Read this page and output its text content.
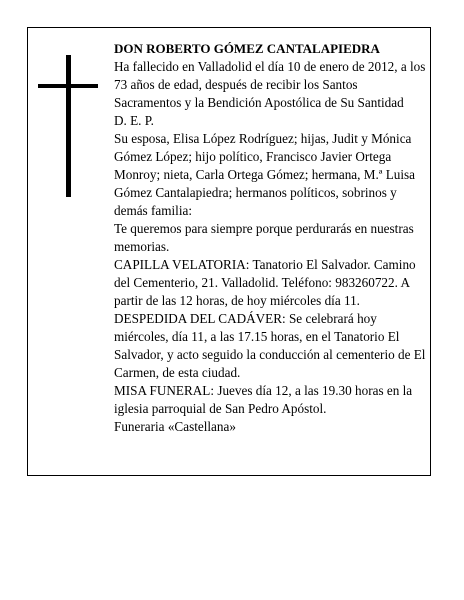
DON ROBERTO GÓMEZ CANTALAPIEDRA

Ha fallecido en Valladolid el día 10 de enero de 2012, a los 73 años de edad, después de recibir los Santos Sacramentos y la Bendición Apostólica de Su Santidad

D. E. P.

Su esposa, Elisa López Rodríguez; hijas, Judit y Mónica Gómez López; hijo político, Francisco Javier Ortega Monroy; nieta, Carla Ortega Gómez; hermana, M.ª Luisa Gómez Cantalapiedra; hermanos políticos, sobrinos y demás familia:

Te queremos para siempre porque perdurarás en nuestras memorias.

CAPILLA VELATORIA: Tanatorio El Salvador. Camino del Cementerio, 21. Valladolid. Teléfono: 983260722. A partir de las 12 horas, de hoy miércoles día 11.

DESPEDIDA DEL CADÁVER: Se celebrará hoy miércoles, día 11, a las 17.15 horas, en el Tanatorio El Salvador, y acto seguido la conducción al cementerio de El Carmen, de esta ciudad.

MISA FUNERAL: Jueves día 12, a las 19.30 horas en la iglesia parroquial de San Pedro Apóstol.

Funeraria «Castellana»
